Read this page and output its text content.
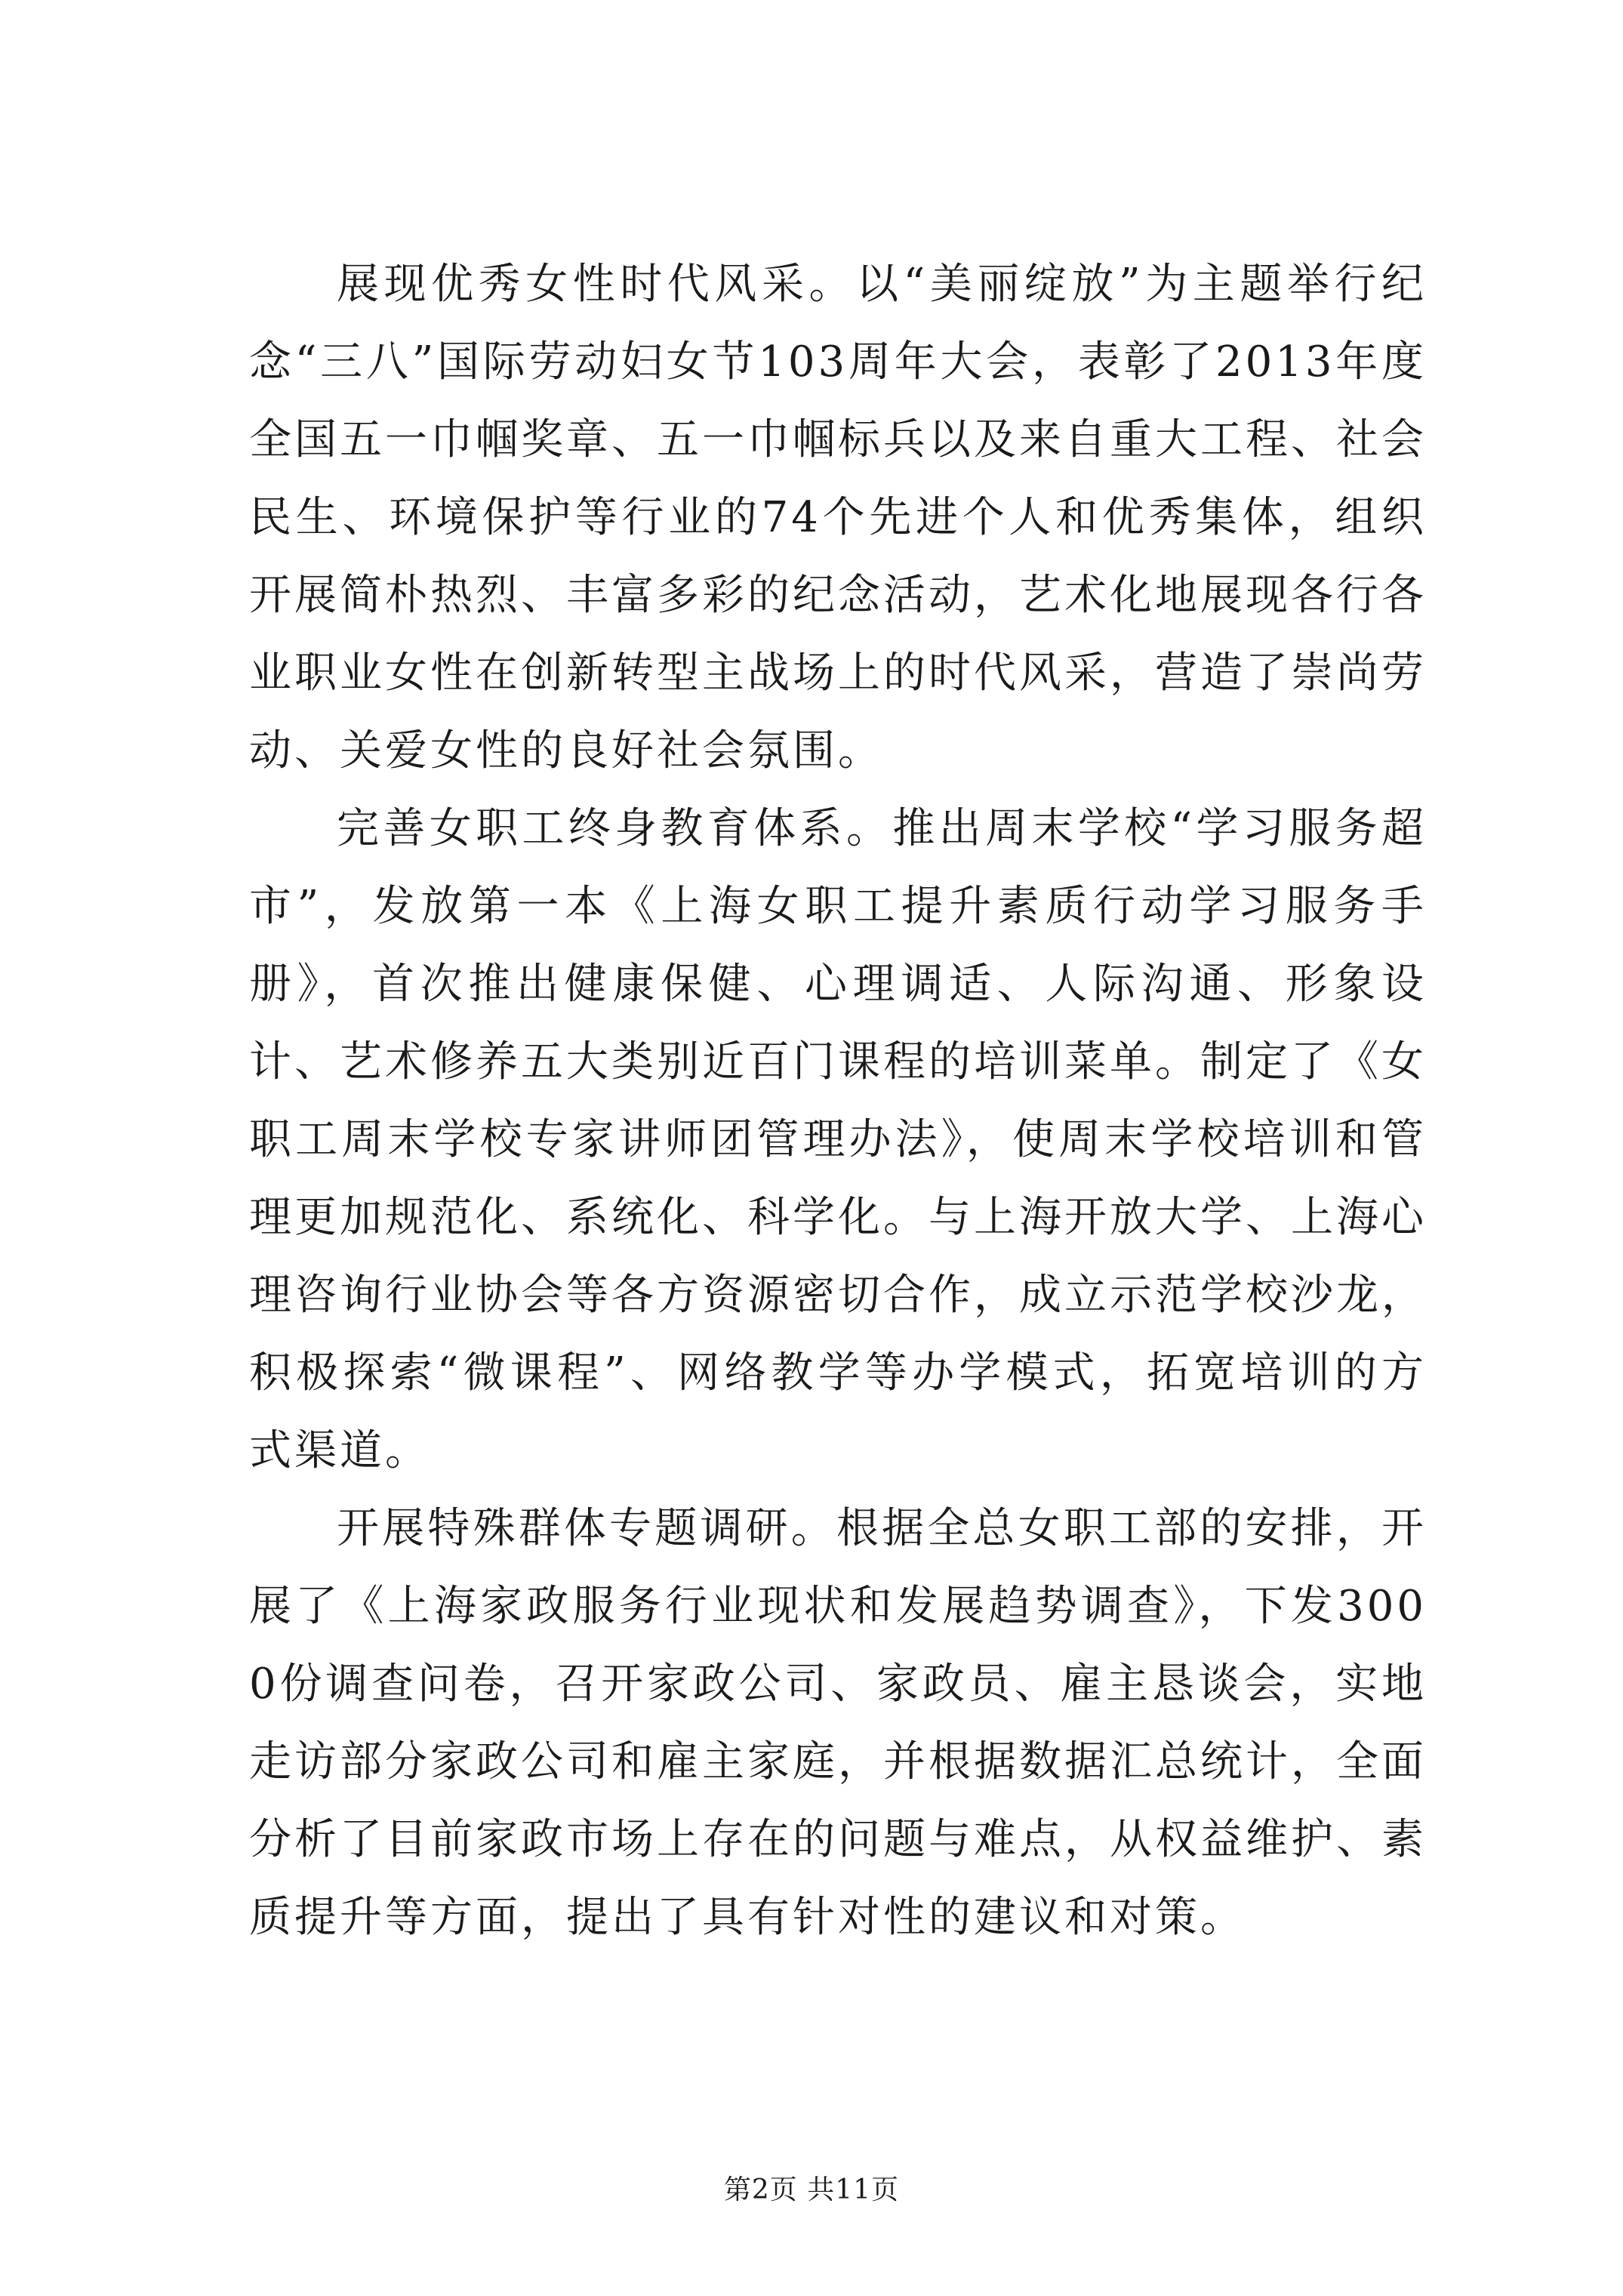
展现优秀女性时代风采。以“美丽绽放”为主题举行纪念“三八”国际劳动妇女节103周年大会，表彰了2013年度全国五一巾帼奖章、五一巾帼标兵以及来自重大工程、社会民生、环境保护等行业的74个先进个人和优秀集体，组织开展简朴热烈、丰富多彩的纪念活动，艺术化地展现各行各业职业女性在创新转型主战场上的时代风采，营造了崇尚劳动、关爱女性的良好社会氛围。

完善女职工终身教育体系。推出周末学校“学习服务超市”，发放第一本《上海女职工提升素质行动学习服务手册》，首次推出健康保健、心理调适、人际沟通、形象设计、艺术修养五大类别近百门课程的培训菜单。制定了《女职工周末学校专家讲师团管理办法》，使周末学校培训和管理更加规范化、系统化、科学化。与上海开放大学、上海心理咨询行业协会等各方资源密切合作，成立示范学校沙龙，积极探索“微课程”、网络教学等办学模式，拓宽培训的方式渠道。

开展特殊群体专题调研。根据全总女职工部的安排，开展了《上海家政服务行业现状和发展趋势调查》，下发3000份调查问卷，召开家政公司、家政员、雇主恳谈会，实地走访部分家政公司和雇主家庭，并根据数据汇总统计，全面分析了目前家政市场上存在的问题与难点，从权益维护、素质提升等方面，提出了具有针对性的建议和对策。

第2页 共11页
